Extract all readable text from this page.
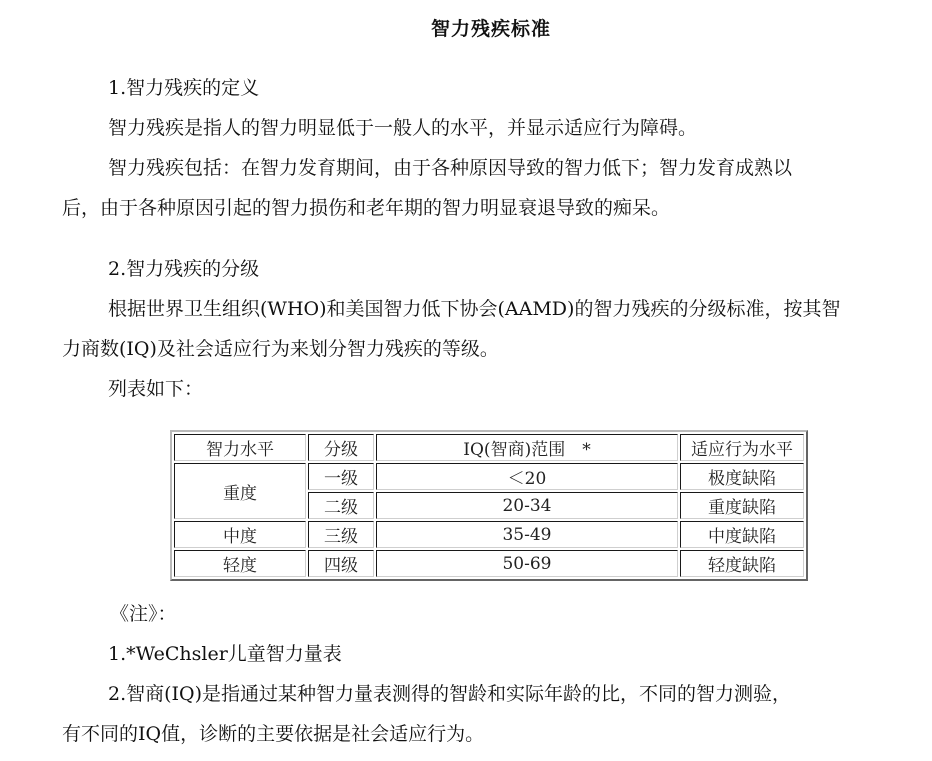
智力残疾标准
1.智力残疾的定义
智力残疾是指人的智力明显低于一般人的水平，并显示适应行为障碍。
智力残疾包括：在智力发育期间，由于各种原因导致的智力低下；智力发育成熟以
后，由于各种原因引起的智力损伤和老年期的智力明显衰退导致的痴呆。
2.智力残疾的分级
根据世界卫生组织(WHO)和美国智力低下协会(AAMD)的智力残疾的分级标准，按其智
力商数(IQ)及社会适应行为来划分智力残疾的等级。
列表如下：
智力水平	分级	IQ(智商)范围　*	适应行为水平
重度	一级	＜20	极度缺陷
	二级	20-34	重度缺陷
中度	三级	35-49	中度缺陷
轻度	四级	50-69	轻度缺陷
《注》：
1.*WeChsler儿童智力量表
2.智商(IQ)是指通过某种智力量表测得的智龄和实际年龄的比，不同的智力测验，
有不同的IQ值，诊断的主要依据是社会适应行为。
